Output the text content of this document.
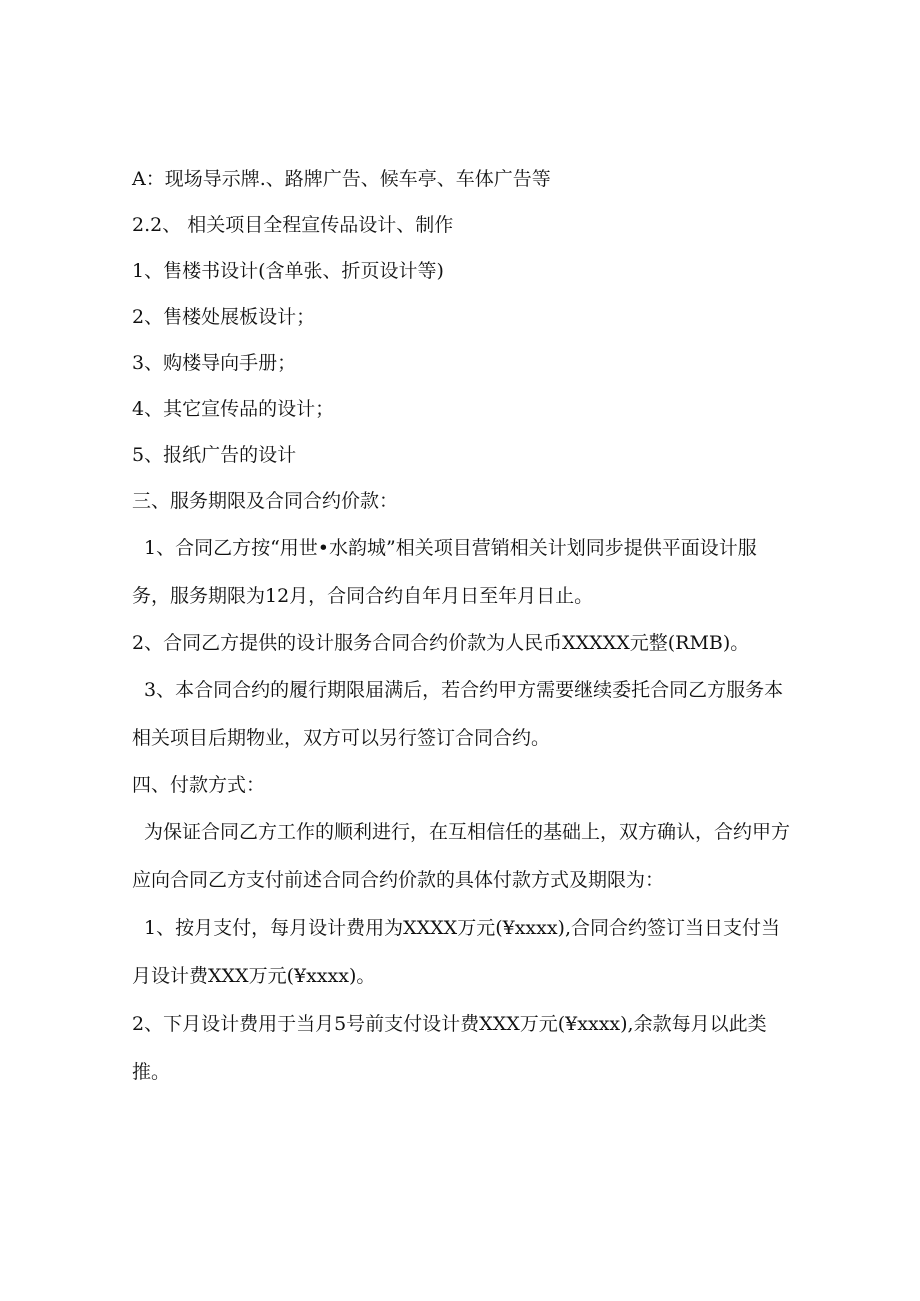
A：现场导示牌.、路牌广告、候车亭、车体广告等

2.2、 相关项目全程宣传品设计、制作

1、售楼书设计(含单张、折页设计等)

2、售楼处展板设计；

3、购楼导向手册；

4、其它宣传品的设计；

5、报纸广告的设计

三、服务期限及合同合约价款：

1、合同乙方按“用世•水韵城”相关项目营销相关计划同步提供平面设计服务，服务期限为12月，合同合约自年月日至年月日止。

2、合同乙方提供的设计服务合同合约价款为人民币XXXXX元整(RMB)。

3、本合同合约的履行期限届满后，若合约甲方需要继续委托合同乙方服务本相关项目后期物业，双方可以另行签订合同合约。

四、付款方式：

为保证合同乙方工作的顺利进行，在互相信任的基础上，双方确认，合约甲方应向合同乙方支付前述合同合约价款的具体付款方式及期限为：

1、按月支付，每月设计费用为XXXX万元(¥xxxx),合同合约签订当日支付当月设计费XXX万元(¥xxxx)。

2、下月设计费用于当月5号前支付设计费XXX万元(¥xxxx),余款每月以此类推。
